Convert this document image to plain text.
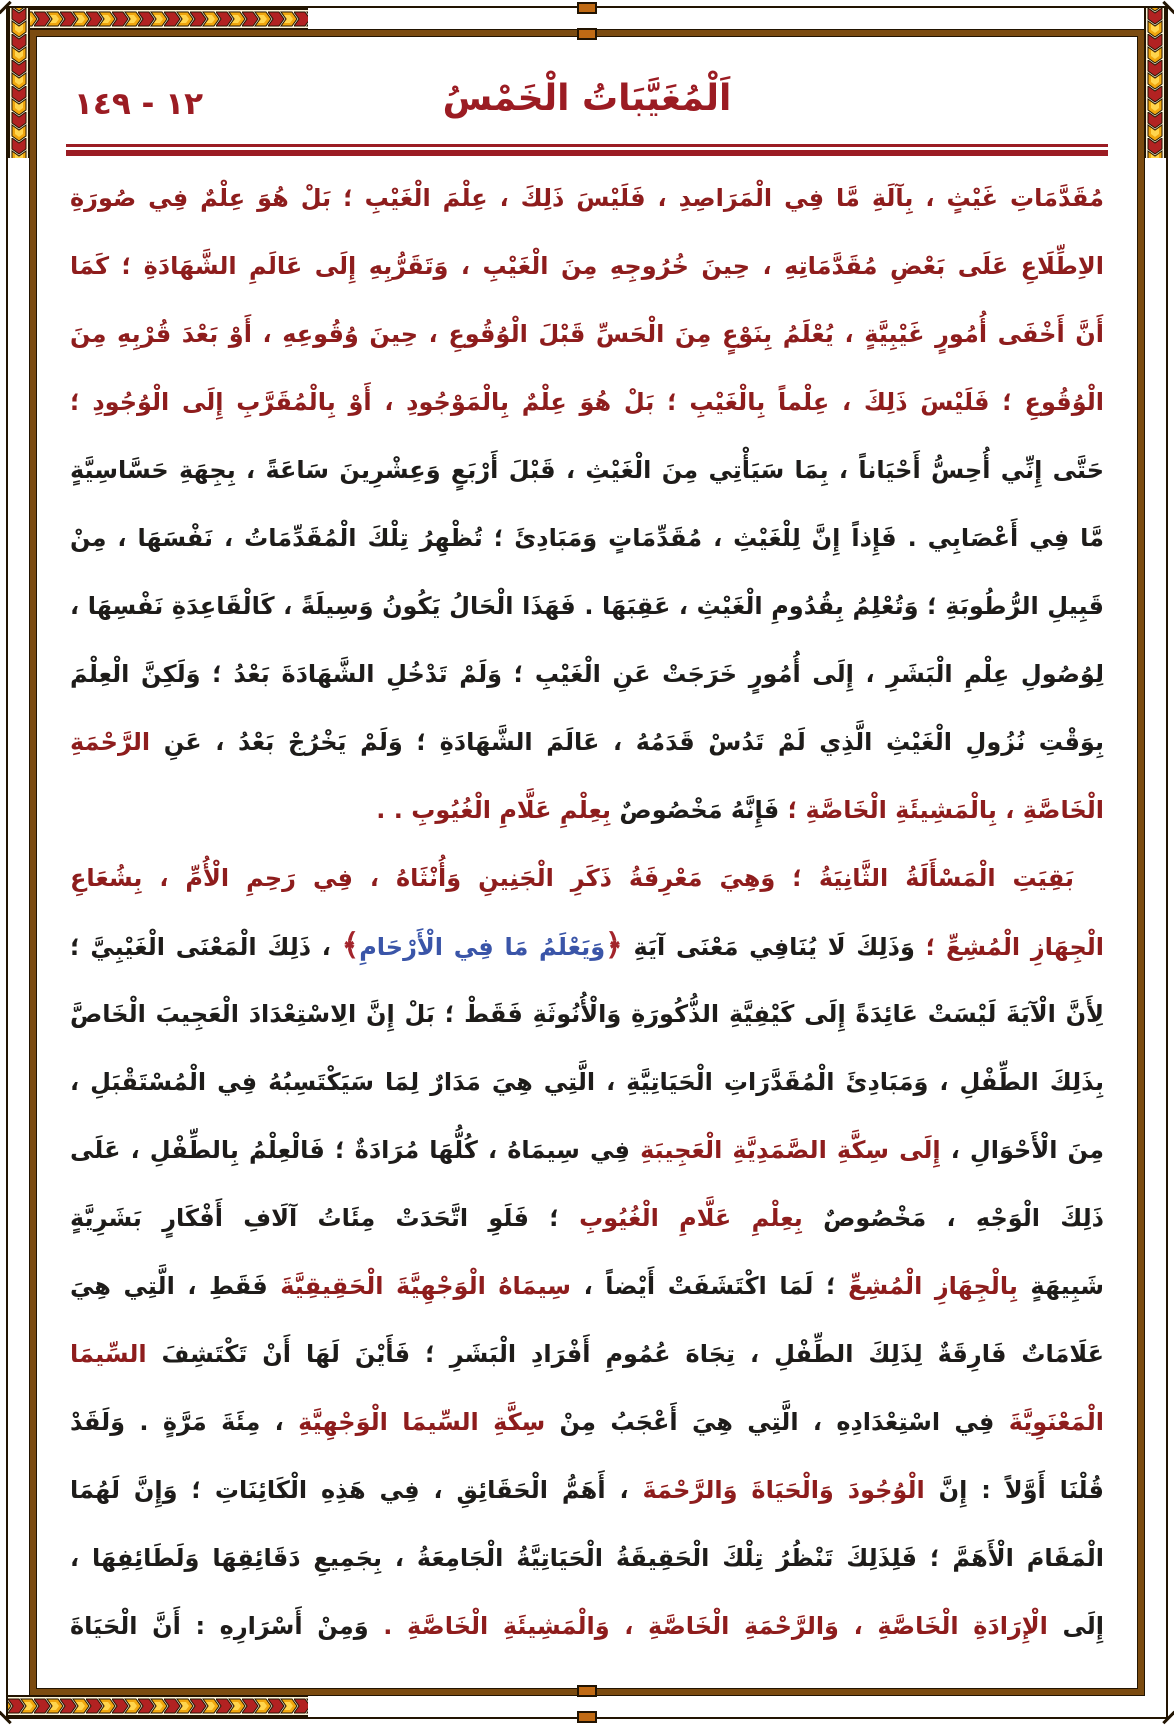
١٢ - ١٤٩	اَلْمُغَيَّبَاتُ الْخَمْسُ
مُقَدَّمَاتِ غَيْثٍ ، بِآلَةِ مَّا فِي الْمَرَاصِدِ ، فَلَيْسَ ذَلِكَ ، عِلْمَ الْغَيْبِ ؛ بَلْ هُوَ عِلْمٌ فِي صُورَةِ
الاِطِّلَاعِ عَلَى بَعْضِ مُقَدَّمَاتِهِ ، حِينَ خُرُوجِهِ مِنَ الْغَيْبِ ، وَتَقَرُّبِهِ إِلَى عَالَمِ الشَّهَادَةِ ؛ كَمَا
أَنَّ أَخْفَى أُمُورٍ غَيْبِيَّةٍ ، يُعْلَمُ بِنَوْعٍ مِنَ الْحَسِّ قَبْلَ الْوُقُوعِ ، حِينَ وُقُوعِهِ ، أَوْ بَعْدَ قُرْبِهِ مِنَ
الْوُقُوعِ ؛ فَلَيْسَ ذَلِكَ ، عِلْماً بِالْغَيْبِ ؛ بَلْ هُوَ عِلْمٌ بِالْمَوْجُودِ ، أَوْ بِالْمُقَرَّبِ إِلَى الْوُجُودِ ؛
حَتَّى إِنِّي أُحِسُّ أَحْيَاناً ، بِمَا سَيَأْتِي مِنَ الْغَيْثِ ، قَبْلَ أَرْبَعٍ وَعِشْرِينَ سَاعَةً ، بِجِهَةِ حَسَّاسِيَّةٍ
مَّا فِي أَعْصَابِي . فَإِذاً إِنَّ لِلْغَيْثِ ، مُقَدِّمَاتٍ وَمَبَادِئَ ؛ تُظْهِرُ تِلْكَ الْمُقَدِّمَاتُ ، نَفْسَهَا ، مِنْ
قَبِيلِ الرُّطُوبَةِ ؛ وَتُعْلِمُ بِقُدُومِ الْغَيْثِ ، عَقِبَهَا . فَهَذَا الْحَالُ يَكُونُ وَسِيلَةً ، كَالْقَاعِدَةِ نَفْسِهَا ،
لِوُصُولِ عِلْمِ الْبَشَرِ ، إِلَى أُمُورٍ خَرَجَتْ عَنِ الْغَيْبِ ؛ وَلَمْ تَدْخُلِ الشَّهَادَةَ بَعْدُ ؛ وَلَكِنَّ الْعِلْمَ
بِوَقْتِ نُزُولِ الْغَيْثِ الَّذِي لَمْ تَدُسْ قَدَمُهُ ، عَالَمَ الشَّهَادَةِ ؛ وَلَمْ يَخْرُجْ بَعْدُ ، عَنِ الرَّحْمَةِ
الْخَاصَّةِ ، بِالْمَشِيئَةِ الْخَاصَّةِ ؛ فَإِنَّهُ مَخْصُوصٌ بِعِلْمِ عَلَّامِ الْغُيُوبِ . .
بَقِيَتِ الْمَسْأَلَةُ الثَّانِيَةُ ؛ وَهِيَ مَعْرِفَةُ ذَكَرِ الْجَنِينِ وَأُنْثَاهُ ، فِي رَحِمِ الْأُمِّ ، بِشُعَاعِ
الْجِهَازِ الْمُشِعِّ ؛ وَذَلِكَ لَا يُنَافِي مَعْنَى آيَةِ ﴿وَيَعْلَمُ مَا فِي الْأَرْحَامِ﴾ ، ذَلِكَ الْمَعْنَى الْغَيْبِيَّ ؛
لِأَنَّ الْآيَةَ لَيْسَتْ عَائِدَةً إِلَى كَيْفِيَّةِ الذُّكُورَةِ وَالْأُنُوثَةِ فَقَطْ ؛ بَلْ إِنَّ الِاسْتِعْدَادَ الْعَجِيبَ الْخَاصَّ
بِذَلِكَ الطِّفْلِ ، وَمَبَادِئَ الْمُقَدَّرَاتِ الْحَيَاتِيَّةِ ، الَّتِي هِيَ مَدَارٌ لِمَا سَيَكْتَسِبُهُ فِي الْمُسْتَقْبَلِ ،
مِنَ الْأَحْوَالِ ، إِلَى سِكَّةِ الصَّمَدِيَّةِ الْعَجِيبَةِ فِي سِيمَاهُ ، كُلُّهَا مُرَادَةٌ ؛ فَالْعِلْمُ بِالطِّفْلِ ، عَلَى
ذَلِكَ الْوَجْهِ ، مَخْصُوصٌ بِعِلْمِ عَلَّامِ الْغُيُوبِ ؛ فَلَوِ اتَّحَدَتْ مِئَاتُ آلَافِ أَفْكَارٍ بَشَرِيَّةٍ
شَبِيهَةٍ بِالْجِهَازِ الْمُشِعِّ ؛ لَمَا اكْتَشَفَتْ أَيْضاً ، سِيمَاهُ الْوَجْهِيَّةَ الْحَقِيقِيَّةَ فَقَطِ ، الَّتِي هِيَ
عَلَامَاتٌ فَارِقَةٌ لِذَلِكَ الطِّفْلِ ، تِجَاهَ عُمُومِ أَفْرَادِ الْبَشَرِ ؛ فَأَيْنَ لَهَا أَنْ تَكْتَشِفَ السِّيمَا
الْمَعْنَوِيَّةَ فِي اسْتِعْدَادِهِ ، الَّتِي هِيَ أَعْجَبُ مِنْ سِكَّةِ السِّيمَا الْوَجْهِيَّةِ ، مِئَةَ مَرَّةٍ . وَلَقَدْ
قُلْنَا أَوَّلاً : إِنَّ الْوُجُودَ وَالْحَيَاةَ وَالرَّحْمَةَ ، أَهَمُّ الْحَقَائِقِ ، فِي هَذِهِ الْكَائِنَاتِ ؛ وَإِنَّ لَهُمَا
الْمَقَامَ الْأَهَمَّ ؛ فَلِذَلِكَ تَنْظُرُ تِلْكَ الْحَقِيقَةُ الْحَيَاتِيَّةُ الْجَامِعَةُ ، بِجَمِيعِ دَقَائِقِهَا وَلَطَائِفِهَا ،
إِلَى الْإِرَادَةِ الْخَاصَّةِ ، وَالرَّحْمَةِ الْخَاصَّةِ ، وَالْمَشِيئَةِ الْخَاصَّةِ . وَمِنْ أَسْرَارِهِ : أَنَّ الْحَيَاةَ
